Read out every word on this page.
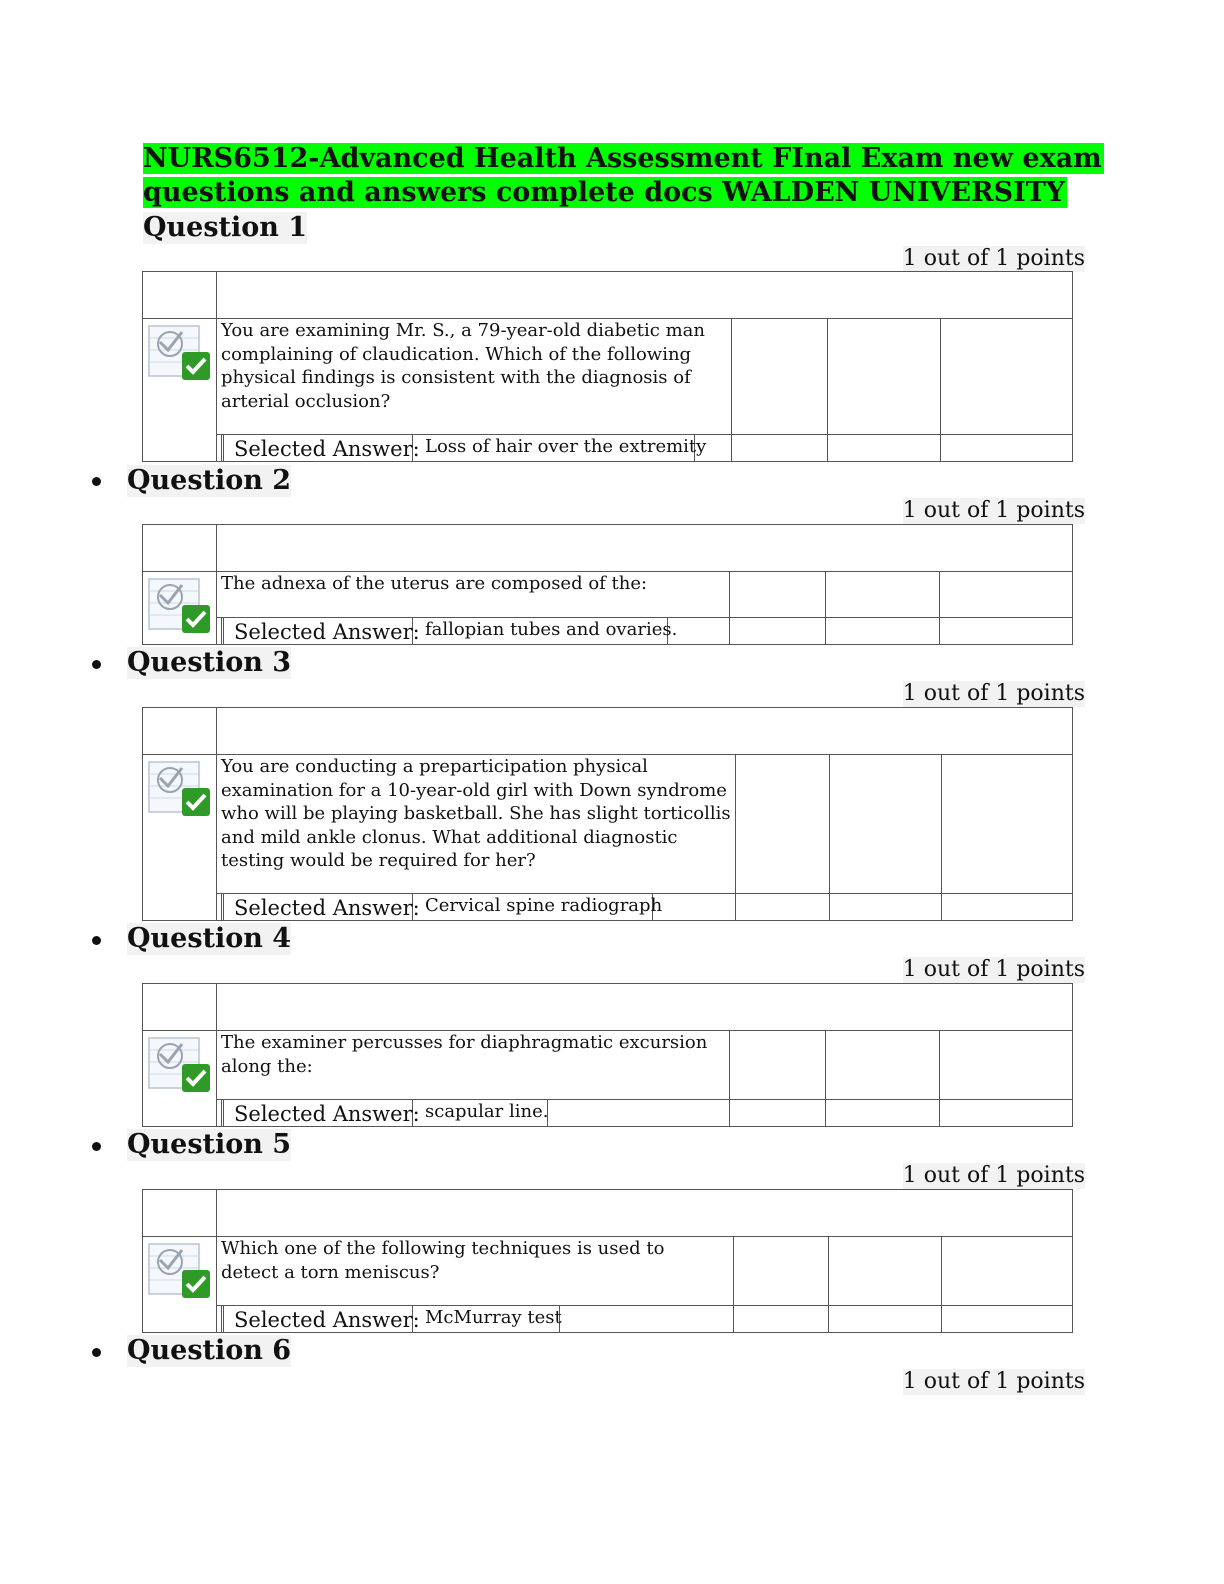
NURS6512-Advanced Health Assessment FInal Exam new exam
questions and answers complete docs WALDEN UNIVERSITY
Question 1
1 out of 1 points
You are examining Mr. S., a 79-year-old diabetic man complaining of claudication. Which of the following physical findings is consistent with the diagnosis of arterial occlusion?
Selected Answer: Loss of hair over the extremity
Question 2
1 out of 1 points
The adnexa of the uterus are composed of the:
Selected Answer: fallopian tubes and ovaries.
Question 3
1 out of 1 points
You are conducting a preparticipation physical examination for a 10-year-old girl with Down syndrome who will be playing basketball. She has slight torticollis and mild ankle clonus. What additional diagnostic testing would be required for her?
Selected Answer: Cervical spine radiograph
Question 4
1 out of 1 points
The examiner percusses for diaphragmatic excursion along the:
Selected Answer: scapular line.
Question 5
1 out of 1 points
Which one of the following techniques is used to detect a torn meniscus?
Selected Answer: McMurray test
Question 6
1 out of 1 points
